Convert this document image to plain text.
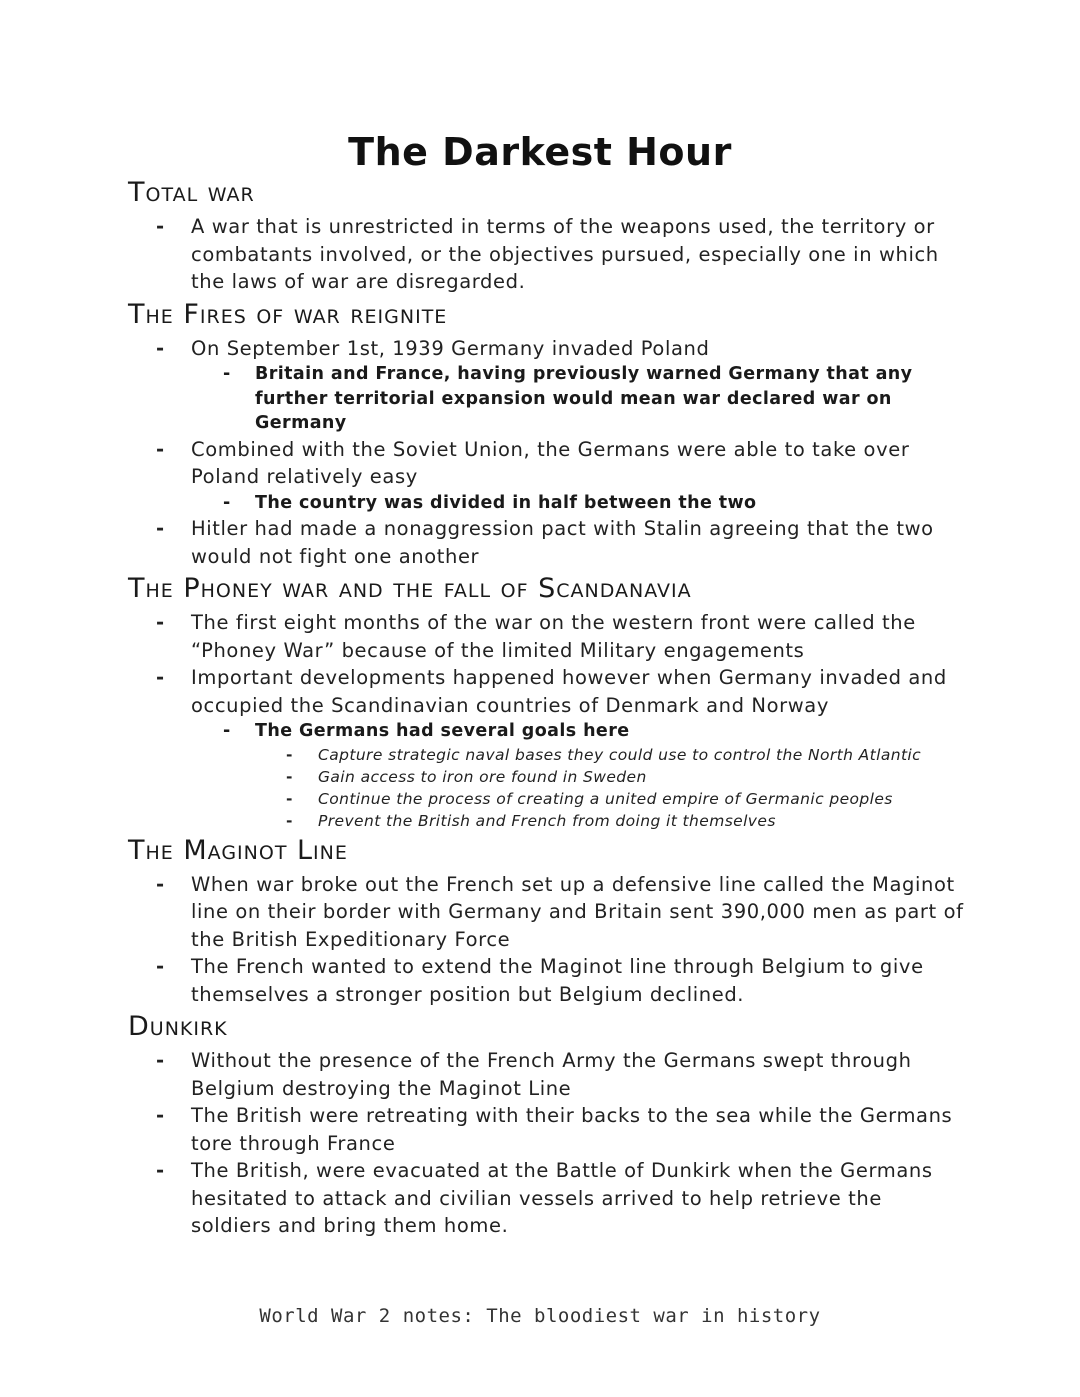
The Darkest Hour
Total war
- A war that is unrestricted in terms of the weapons used, the territory or combatants involved, or the objectives pursued, especially one in which the laws of war are disregarded.
The Fires of war reignite
- On September 1st, 1939 Germany invaded Poland
- Britain and France, having previously warned Germany that any further territorial expansion would mean war declared war on Germany
- Combined with the Soviet Union, the Germans were able to take over Poland relatively easy
- The country was divided in half between the two
- Hitler had made a nonaggression pact with Stalin agreeing that the two would not fight one another
The Phoney war and the fall of Scandanavia
- The first eight months of the war on the western front were called the “Phoney War” because of the limited Military engagements
- Important developments happened however when Germany invaded and occupied the Scandinavian countries of Denmark and Norway
- The Germans had several goals here
- Capture strategic naval bases they could use to control the North Atlantic
- Gain access to iron ore found in Sweden
- Continue the process of creating a united empire of Germanic peoples
- Prevent the British and French from doing it themselves
The Maginot Line
- When war broke out the French set up a defensive line called the Maginot line on their border with Germany and Britain sent 390,000 men as part of the British Expeditionary Force
- The French wanted to extend the Maginot line through Belgium to give themselves a stronger position but Belgium declined.
Dunkirk
- Without the presence of the French Army the Germans swept through Belgium destroying the Maginot Line
- The British were retreating with their backs to the sea while the Germans tore through France
- The British, were evacuated at the Battle of Dunkirk when the Germans hesitated to attack and civilian vessels arrived to help retrieve the soldiers and bring them home.
World War 2 notes: The bloodiest war in history
